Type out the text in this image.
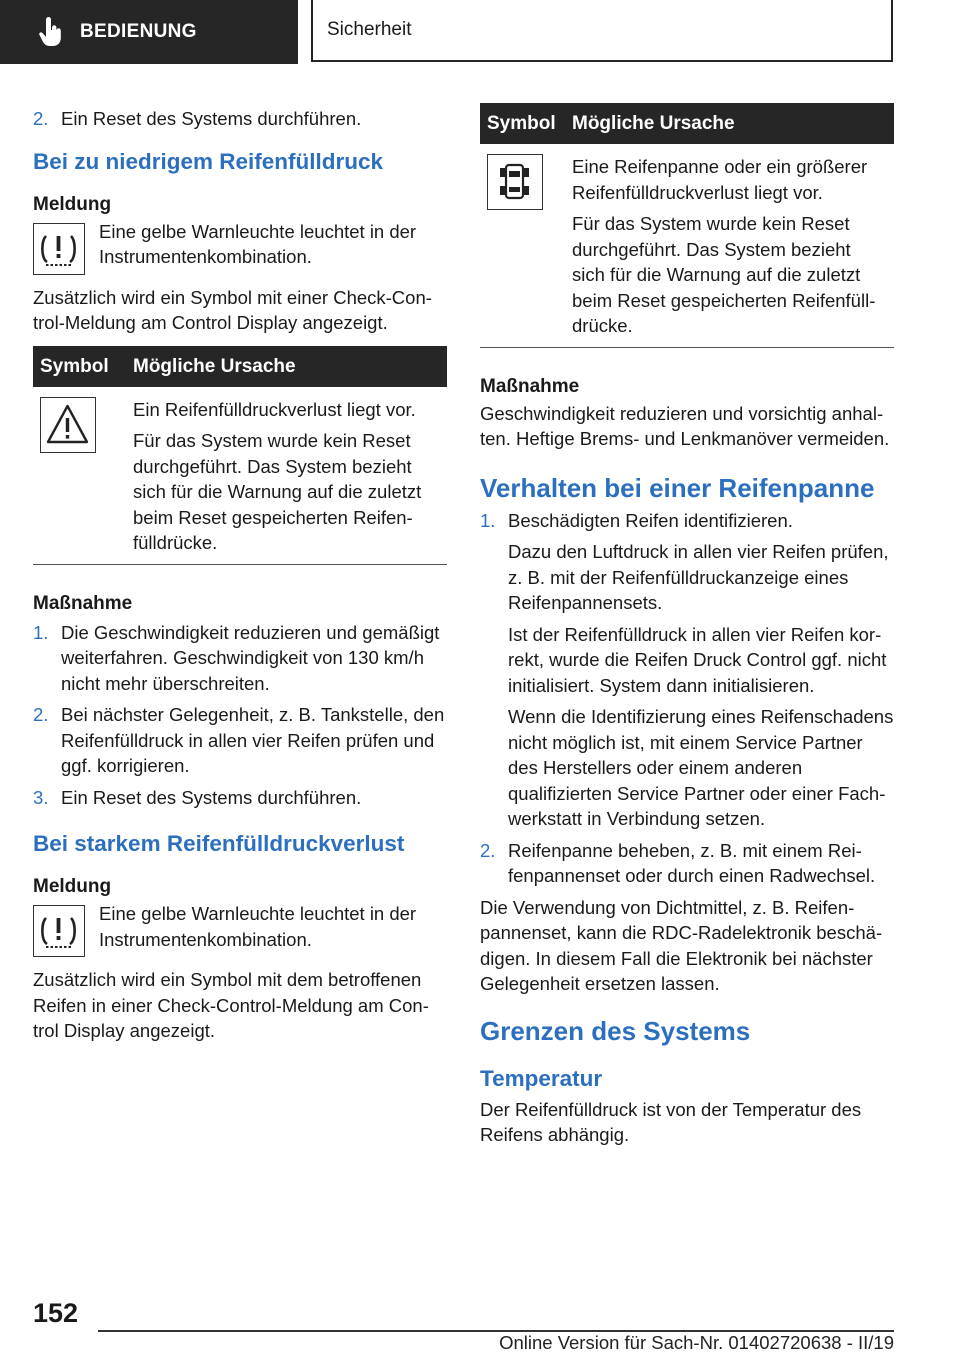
BEDIENUNG	Sicherheit
2. Ein Reset des Systems durchführen.
Bei zu niedrigem Reifenfülldruck
Meldung

Eine gelbe Warnleuchte leuchtet in der Instrumentenkombination.

Zusätzlich wird ein Symbol mit einer Check-Control-Meldung am Control Display angezeigt.

Symbol	Mögliche Ursache

Ein Reifenfülldruckverlust liegt vor.

Für das System wurde kein Reset durchgeführt. Das System bezieht sich für die Warnung auf die zuletzt beim Reset gespeicherten Reifenfülldrücke.

Maßnahme
1. Die Geschwindigkeit reduzieren und gemäßigt weiterfahren. Geschwindigkeit von 130 km/h nicht mehr überschreiten.
2. Bei nächster Gelegenheit, z. B. Tankstelle, den Reifenfülldruck in allen vier Reifen prüfen und ggf. korrigieren.
3. Ein Reset des Systems durchführen.
Bei starkem Reifenfülldruckverlust
Meldung

Eine gelbe Warnleuchte leuchtet in der Instrumentenkombination.

Zusätzlich wird ein Symbol mit dem betroffenen Reifen in einer Check-Control-Meldung am Control Display angezeigt.

Symbol	Mögliche Ursache

Eine Reifenpanne oder ein größerer Reifenfülldruckverlust liegt vor.

Für das System wurde kein Reset durchgeführt. Das System bezieht sich für die Warnung auf die zuletzt beim Reset gespeicherten Reifenfülldrücke.

Maßnahme

Geschwindigkeit reduzieren und vorsichtig anhalten. Heftige Brems- und Lenkmanöver vermeiden.

Verhalten bei einer Reifenpanne
1. Beschädigten Reifen identifizieren.

Dazu den Luftdruck in allen vier Reifen prüfen, z. B. mit der Reifenfülldruckanzeige eines Reifenpannensets.

Ist der Reifenfülldruck in allen vier Reifen korrekt, wurde die Reifen Druck Control ggf. nicht initialisiert. System dann initialisieren.

Wenn die Identifizierung eines Reifenschadens nicht möglich ist, mit einem Service Partner des Herstellers oder einem anderen qualifizierten Service Partner oder einer Fachwerkstatt in Verbindung setzen.

2. Reifenpanne beheben, z. B. mit einem Reifenpannenset oder durch einen Radwechsel.

Die Verwendung von Dichtmittel, z. B. Reifenpannenset, kann die RDC-Radelektronik beschädigen. In diesem Fall die Elektronik bei nächster Gelegenheit ersetzen lassen.

Grenzen des Systems
Temperatur

Der Reifenfülldruck ist von der Temperatur des Reifens abhängig.

152
Online Version für Sach-Nr. 01402720638 - II/19
